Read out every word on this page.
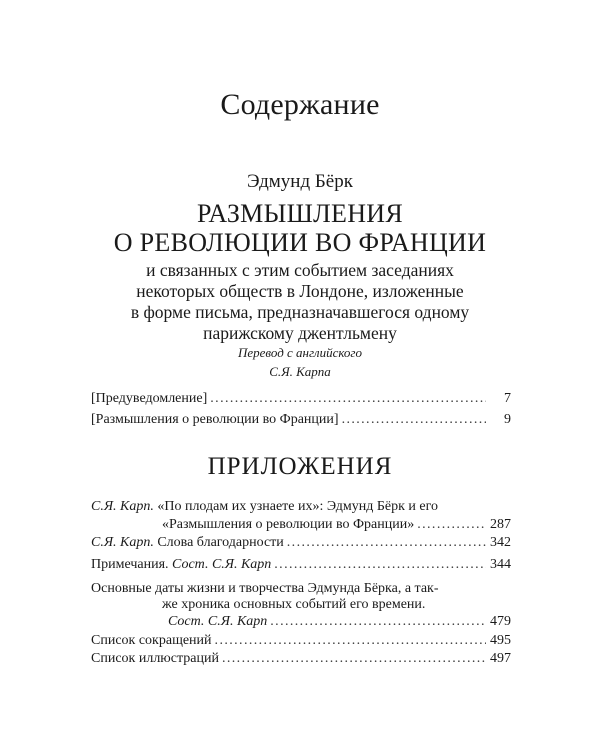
Содержание
Эдмунд Бёрк
РАЗМЫШЛЕНИЯ
О РЕВОЛЮЦИИ ВО ФРАНЦИИ
и связанных с этим событием заседаниях
некоторых обществ в Лондоне, изложенные
в форме письма, предназначавшегося одному
парижскому джентльмену
Перевод с английского
С.Я. Карпа
[Предуведомление] .....	7
[Размышления о революции во Франции] .....	9
ПРИЛОЖЕНИЯ
С.Я. Карп. «По плодам их узнаете их»: Эдмунд Бёрк и его
«Размышления о революции во Франции» .....	287
С.Я. Карп. Слова благодарности .....	342
Примечания. Сост. С.Я. Карп .....	344
Основные даты жизни и творчества Эдмунда Бёрка, а так-
же хроника основных событий его времени.
Сост. С.Я. Карп .....	479
Список сокращений .....	495
Список иллюстраций .....	497
